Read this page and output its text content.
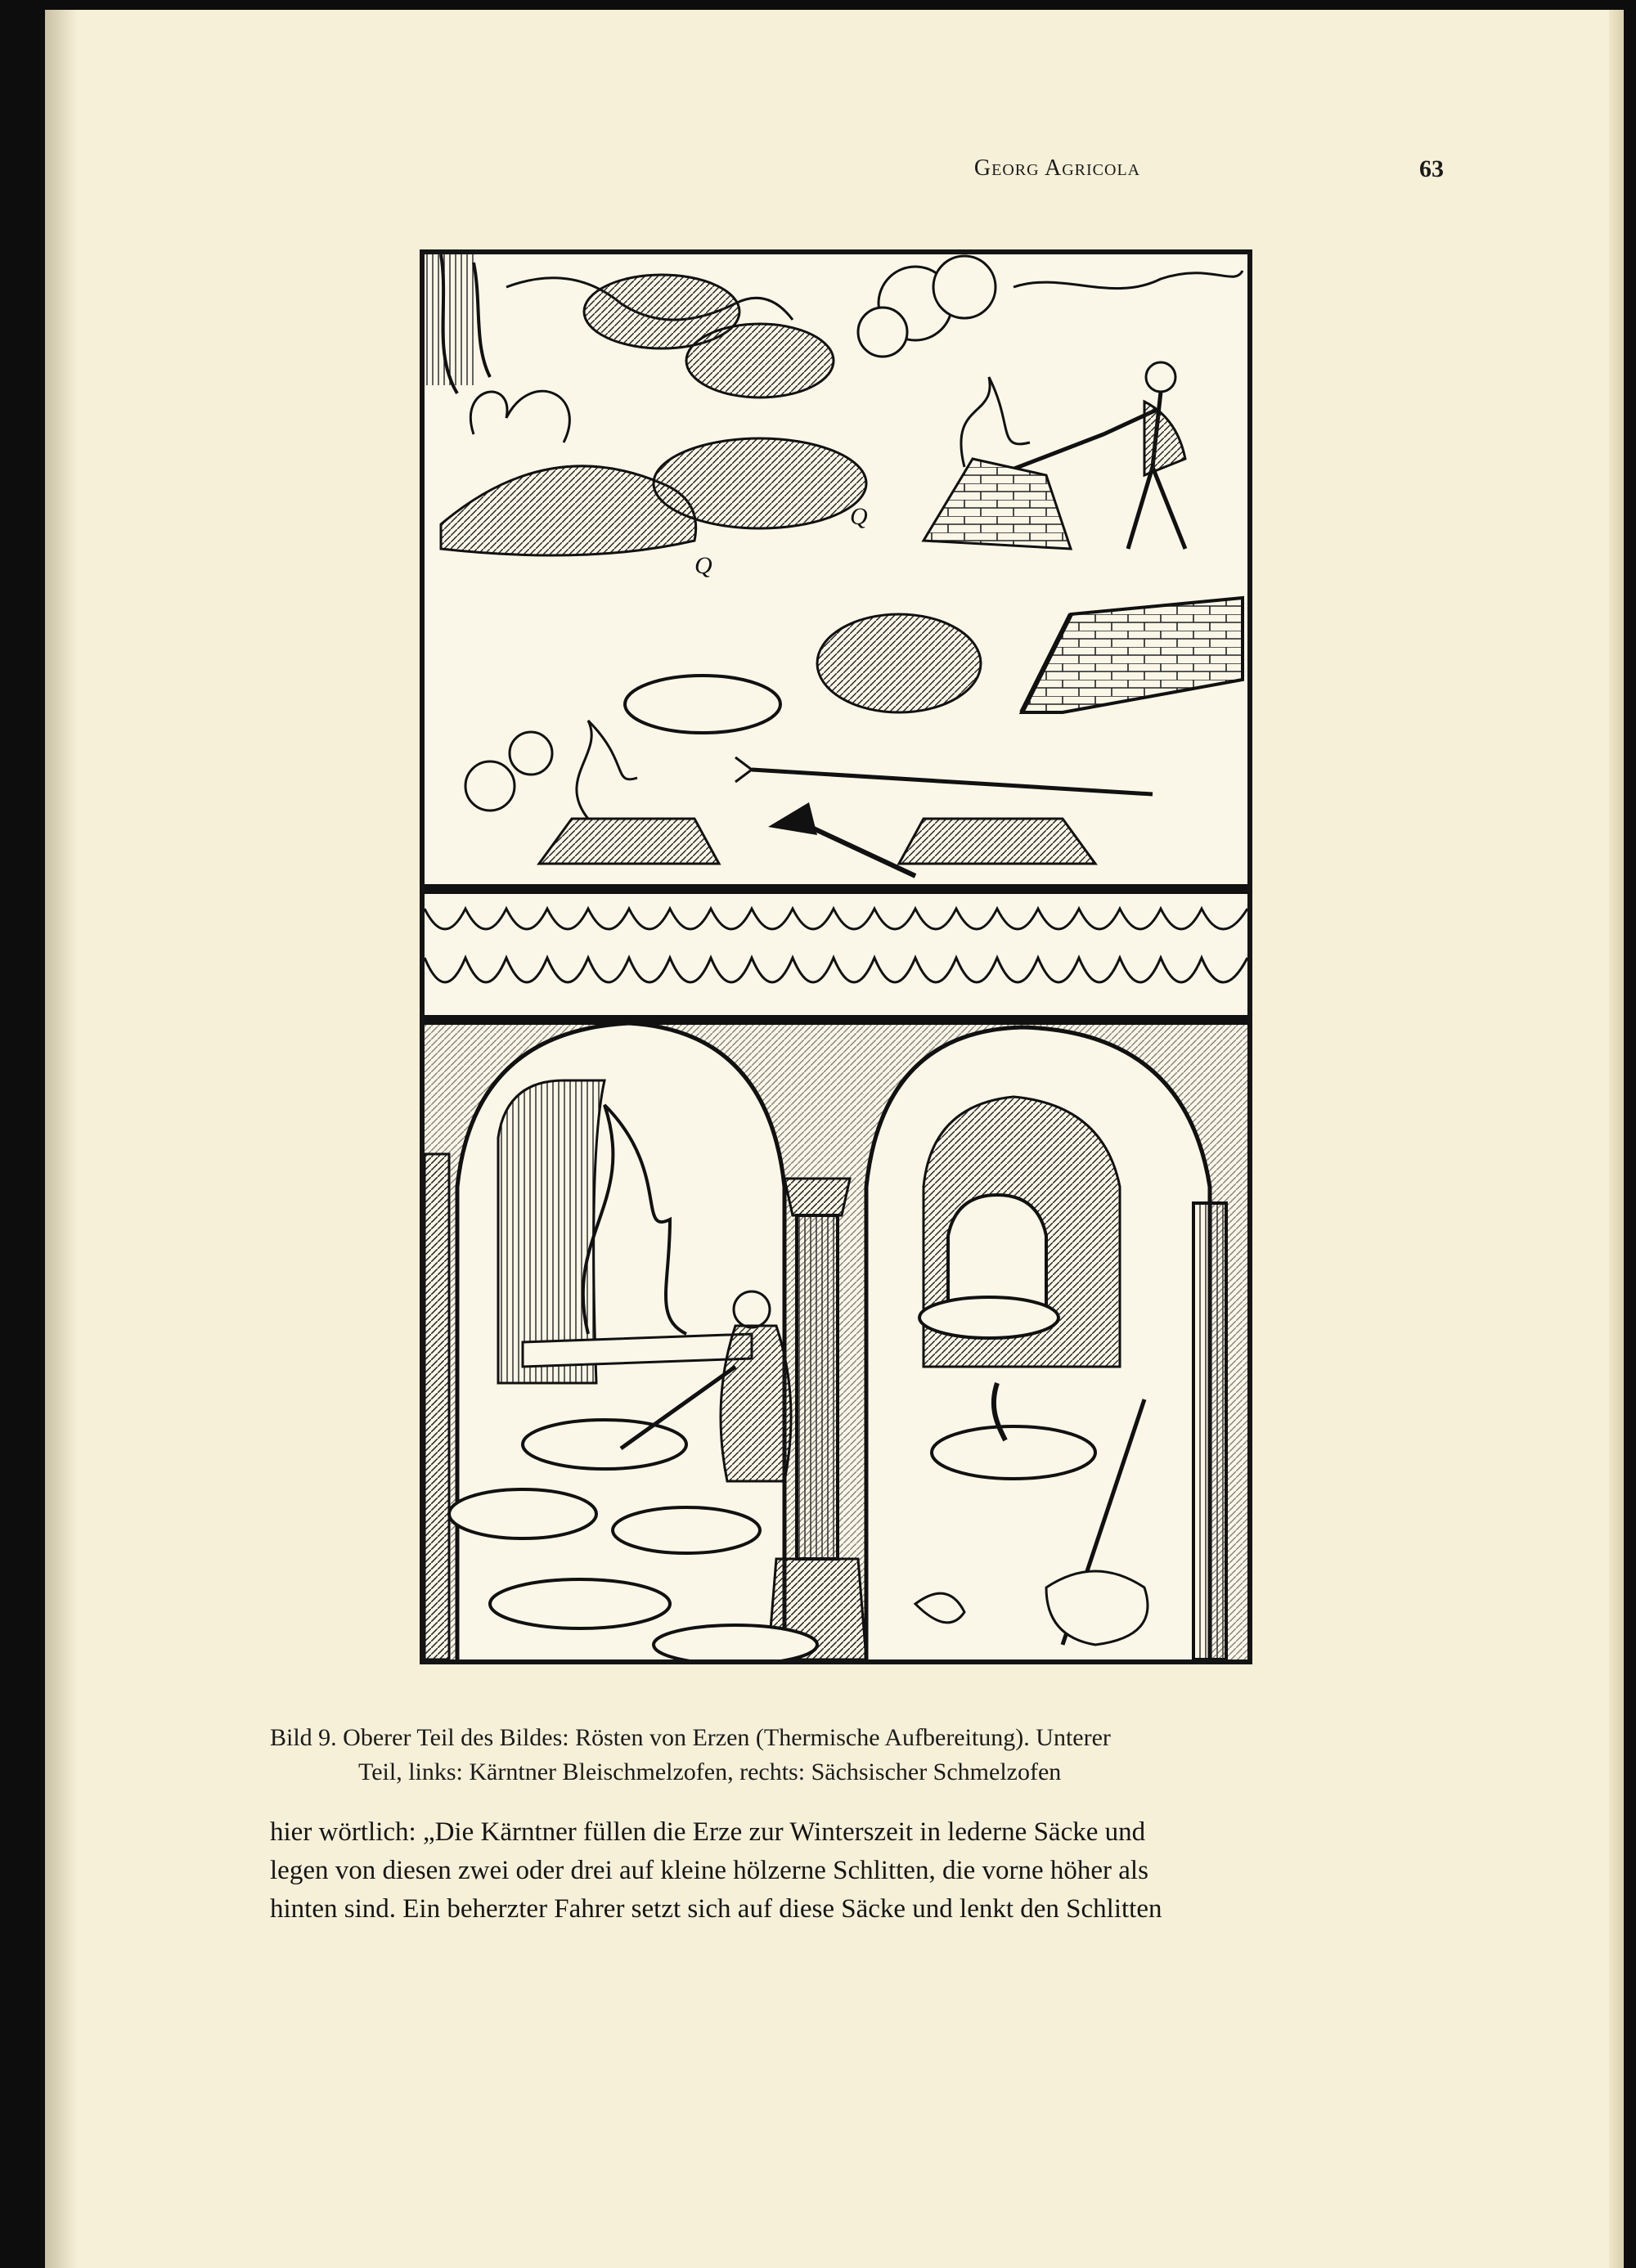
Georg Agricola	63
Q
Q
Bild 9. Oberer Teil des Bildes: Rösten von Erzen (Thermische Aufbereitung). Unterer
Teil, links: Kärntner Bleischmelzofen, rechts: Sächsischer Schmelzofen

hier wörtlich: „Die Kärntner füllen die Erze zur Winterszeit in lederne Säcke und

legen von diesen zwei oder drei auf kleine hölzerne Schlitten, die vorne höher als

hinten sind. Ein beherzter Fahrer setzt sich auf diese Säcke und lenkt den Schlitten
